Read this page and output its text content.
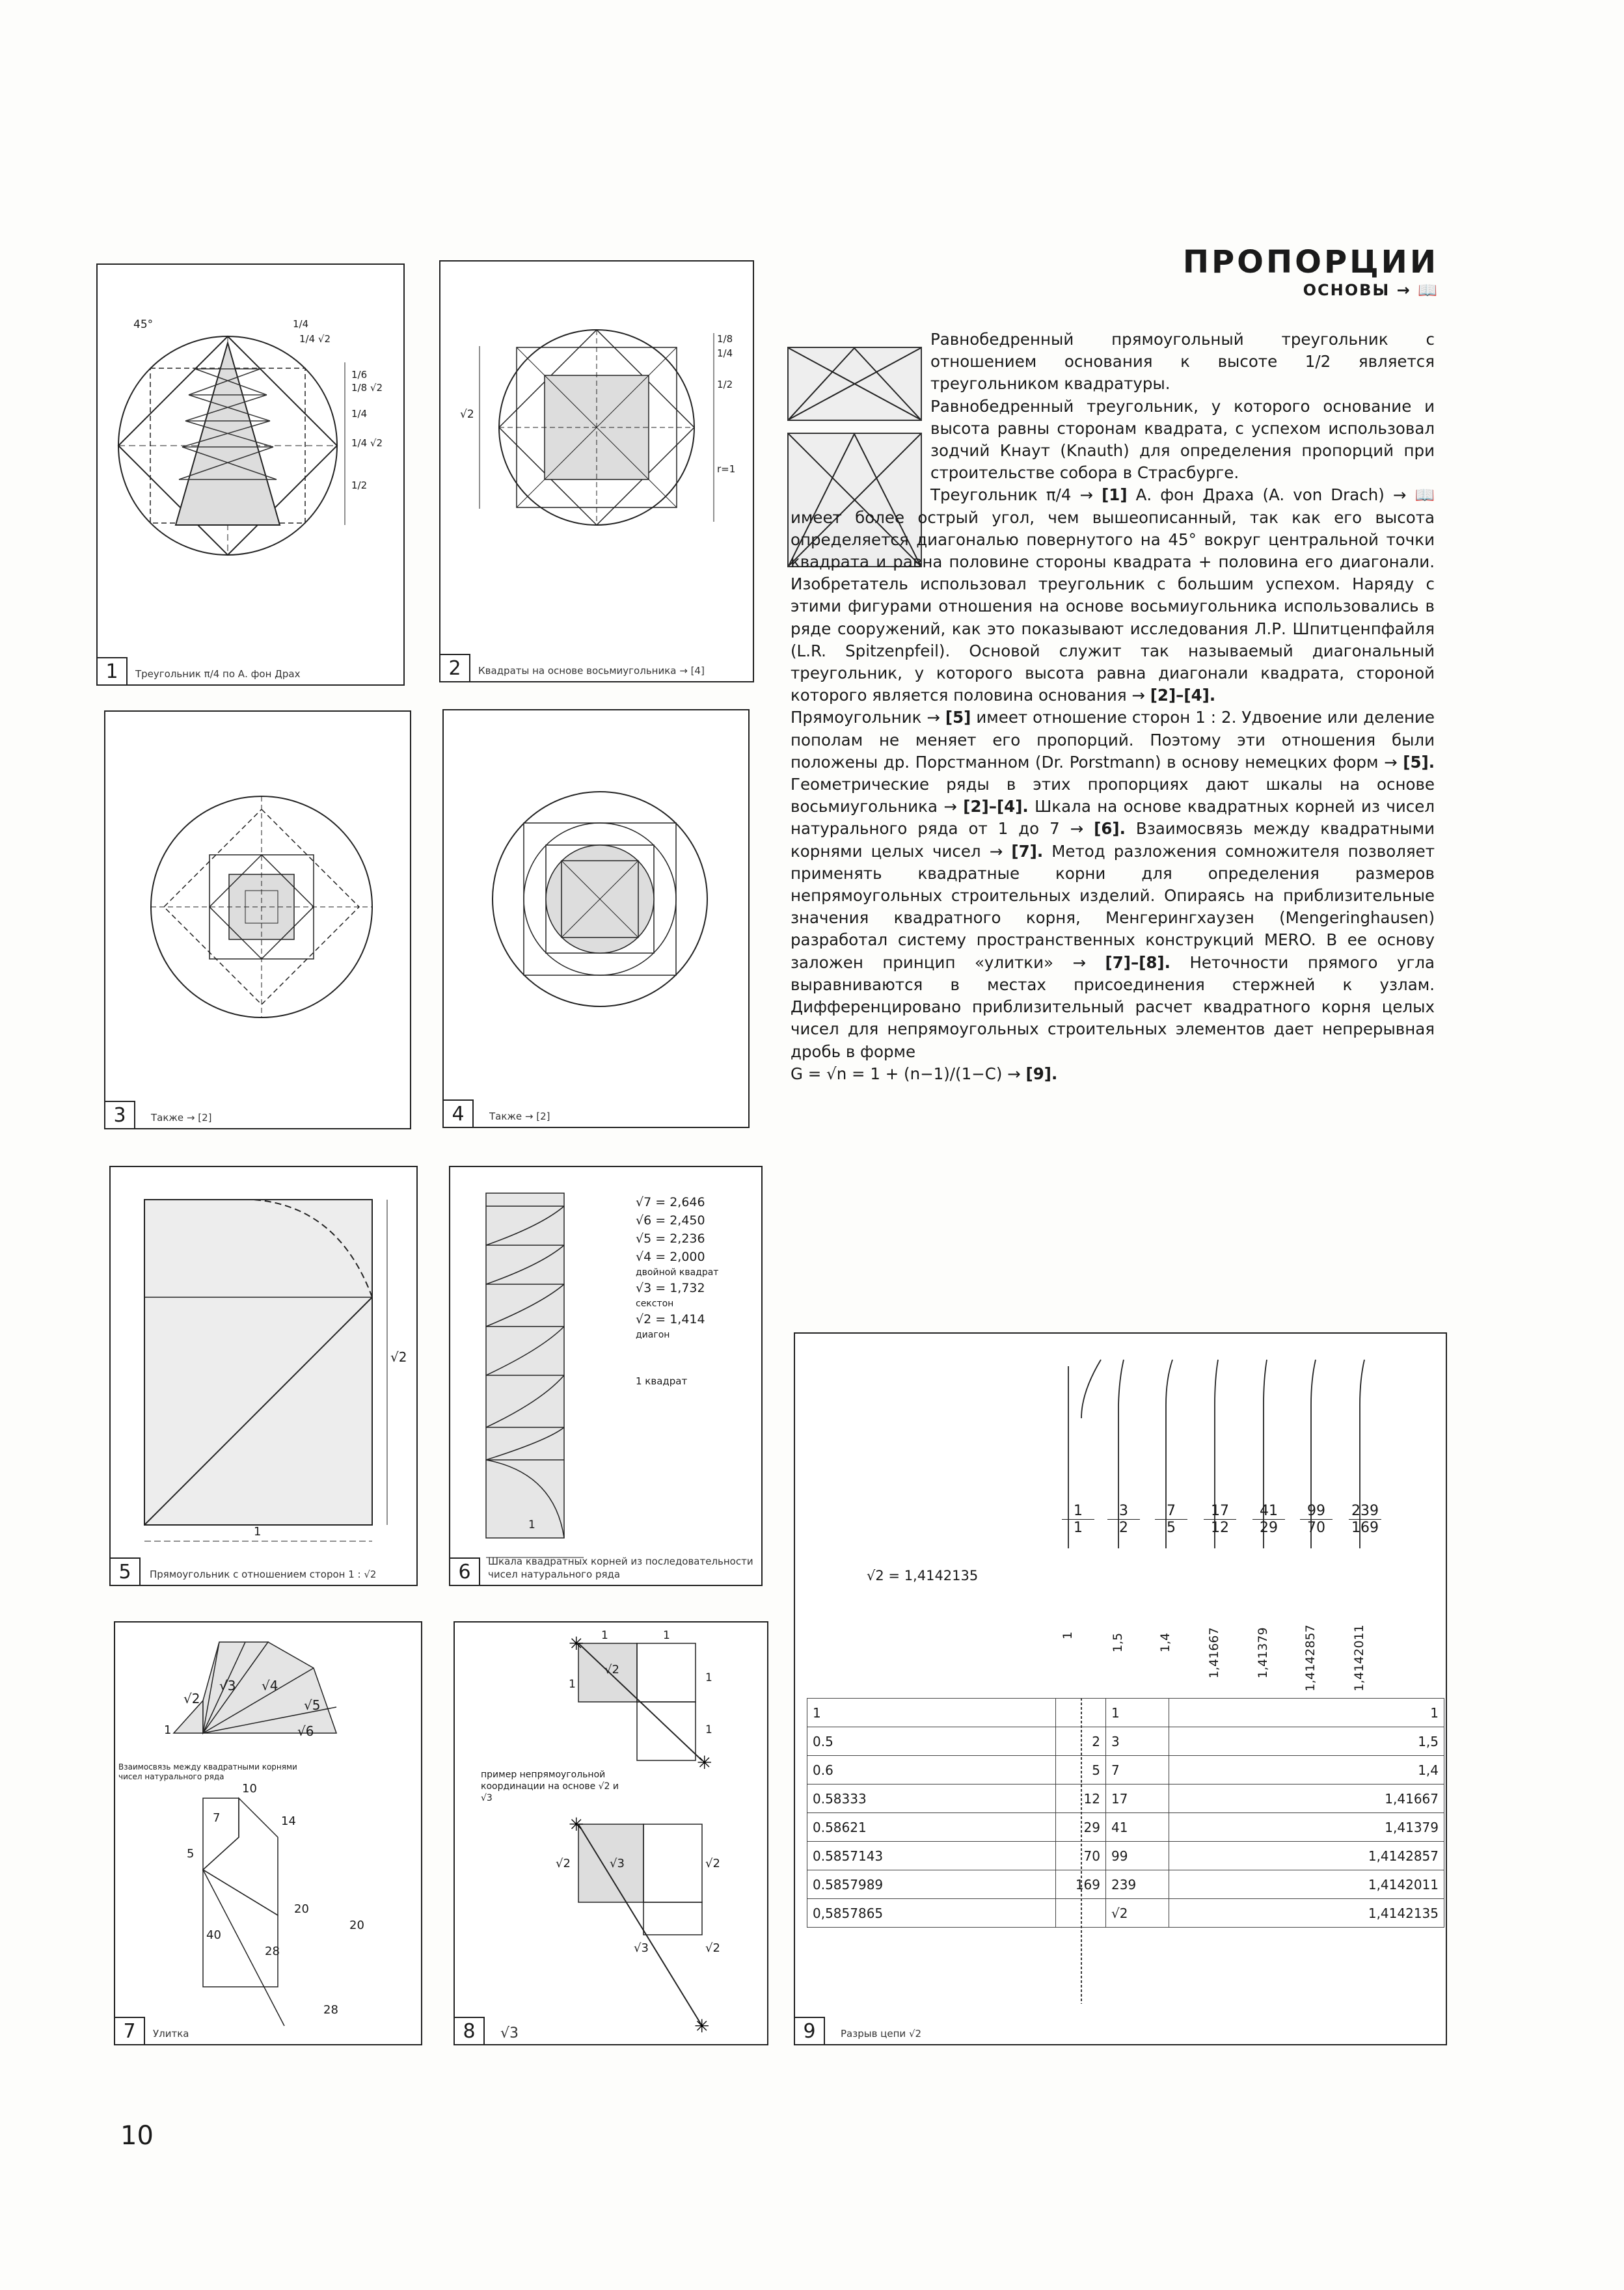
ПРОПОРЦИИ
ОСНОВЫ → 📖

Равнобедренный прямоугольный треугольник с отношением основания к высоте 1/2 является треугольником квадратуры.

Равнобедренный треугольник, у которого основание и высота равны сторонам квадрата, с успехом использовал зодчий Кнаут (Knauth) для определения пропорций при строительстве собора в Страсбурге.

Треугольник π/4 → [1] А. фон Драха (A. von Drach) → 📖 имеет более острый угол, чем вышеописанный, так как его высота определяется диагональю повернутого на 45° вокруг центральной точки квадрата и равна половине стороны квадрата + половина его диагонали. Изобретатель использовал треугольник с большим успехом. Наряду с этими фигурами отношения на основе восьмиугольника использовались в ряде сооружений, как это показывают исследования Л.Р. Шпитценпфайля (L.R. Spitzenpfeil). Основой служит так называемый диагональный треугольник, у которого высота равна диагонали квадрата, стороной которого является половина основания → [2]–[4].

Прямоугольник → [5] имеет отношение сторон 1 : 2. Удвоение или деление пополам не меняет его пропорций. Поэтому эти отношения были положены др. Порстманном (Dr. Porstmann) в основу немецких форм → [5]. Геометрические ряды в этих пропорциях дают шкалы на основе восьмиугольника → [2]–[4]. Шкала на основе квадратных корней из чисел натурального ряда от 1 до 7 → [6]. Взаимосвязь между квадратными корнями целых чисел → [7]. Метод разложения сомножителя позволяет применять квадратные корни для определения размеров непрямоугольных строительных изделий. Опираясь на приблизительные значения квадратного корня, Менгерингхаузен (Mengeringhausen) разработал систему пространственных конструкций MERO. В ее основу заложен принцип «улитки» → [7]–[8]. Неточности прямого угла выравниваются в местах присоединения стержней к узлам. Дифференцировано приблизительный расчет квадратного корня целых чисел для непрямоугольных строительных элементов дает непрерывная дробь в форме

G = √n = 1 + (n−1)/(1−C) → [9].

45°	1/4
1/4 √2
1/6
1/8 √2
1/4
1/4 √2
1/2
1	Треугольник π/4 по А. фон Драх
√2
1/8
1/4
1/2
r=1
2	Квадраты на основе восьмиугольника → [4]
3	Также → [2]	4	Также → [2]
√2
1
5	Прямоугольник с отношением сторон 1 : √2
√7 = 2,646
√6 = 2,450
√5 = 2,236
√4 = 2,000
двойной квадрат
√3 = 1,732
секстон
√2 = 1,414
диагон
1 квадрат
1
6	Шкала квадратных корней из последовательности чисел натурального ряда
√2
√3 √4
√5
√6
1
10
7	14
5
20
40
28
20
28
Взаимосвязь между квадратными корнями чисел натурального ряда
7	Улитка
✳
✳
✳
✳
1	1
√2
1	1
1
√3
√2	√2
√3	√2
пример непрямоугольной координации на основе √2 и √3
8	√3
√2 = 1,4142135
1
1
3
2
7
5
17
12
41
29
99
70
239
169
1	1,5	1,4	1,41667	1,41379	1,4142857	1,4142011
9	Разрыв цепи √2
1		1	1
0.5	2	3	1,5
0.6	5	7	1,4
0.58333	12	17	1,41667
0.58621	29	41	1,41379
0.5857143	70	99	1,4142857
0.5857989	169	239	1,4142011
0,5857865		√2	1,4142135
10
